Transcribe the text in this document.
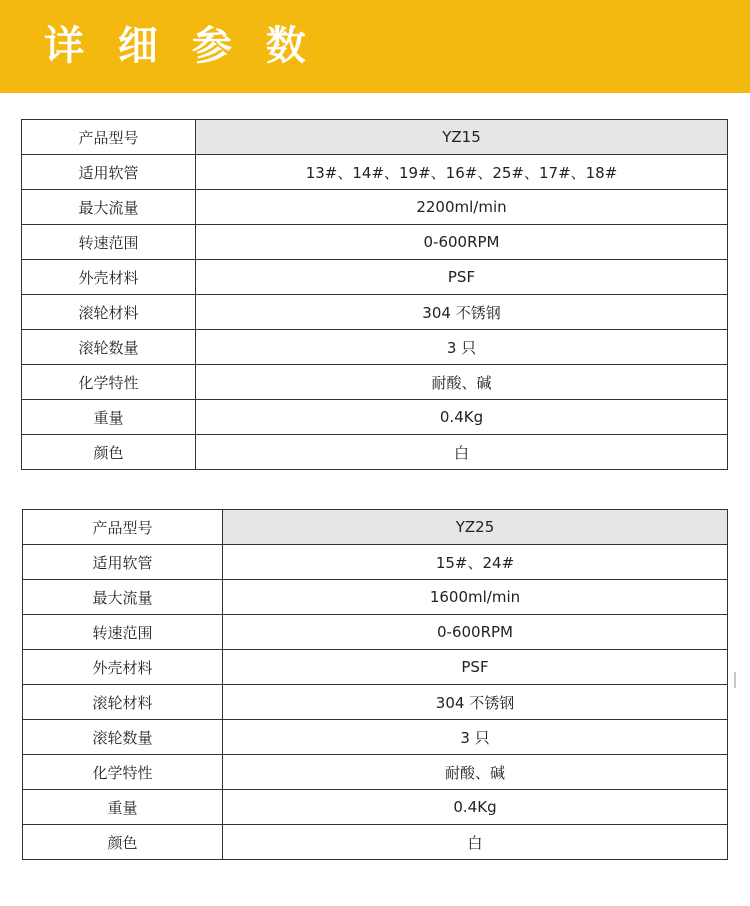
详 细 参 数
产品型号	YZ15
适用软管	13#、14#、19#、16#、25#、17#、18#
最大流量	2200ml/min
转速范围	0-600RPM
外壳材料	PSF
滚轮材料	304 不锈钢
滚轮数量	3 只
化学特性	耐酸、碱
重量	0.4Kg
颜色	白
产品型号	YZ25
适用软管	15#、24#
最大流量	1600ml/min
转速范围	0-600RPM
外壳材料	PSF
滚轮材料	304 不锈钢
滚轮数量	3 只
化学特性	耐酸、碱
重量	0.4Kg
颜色	白
